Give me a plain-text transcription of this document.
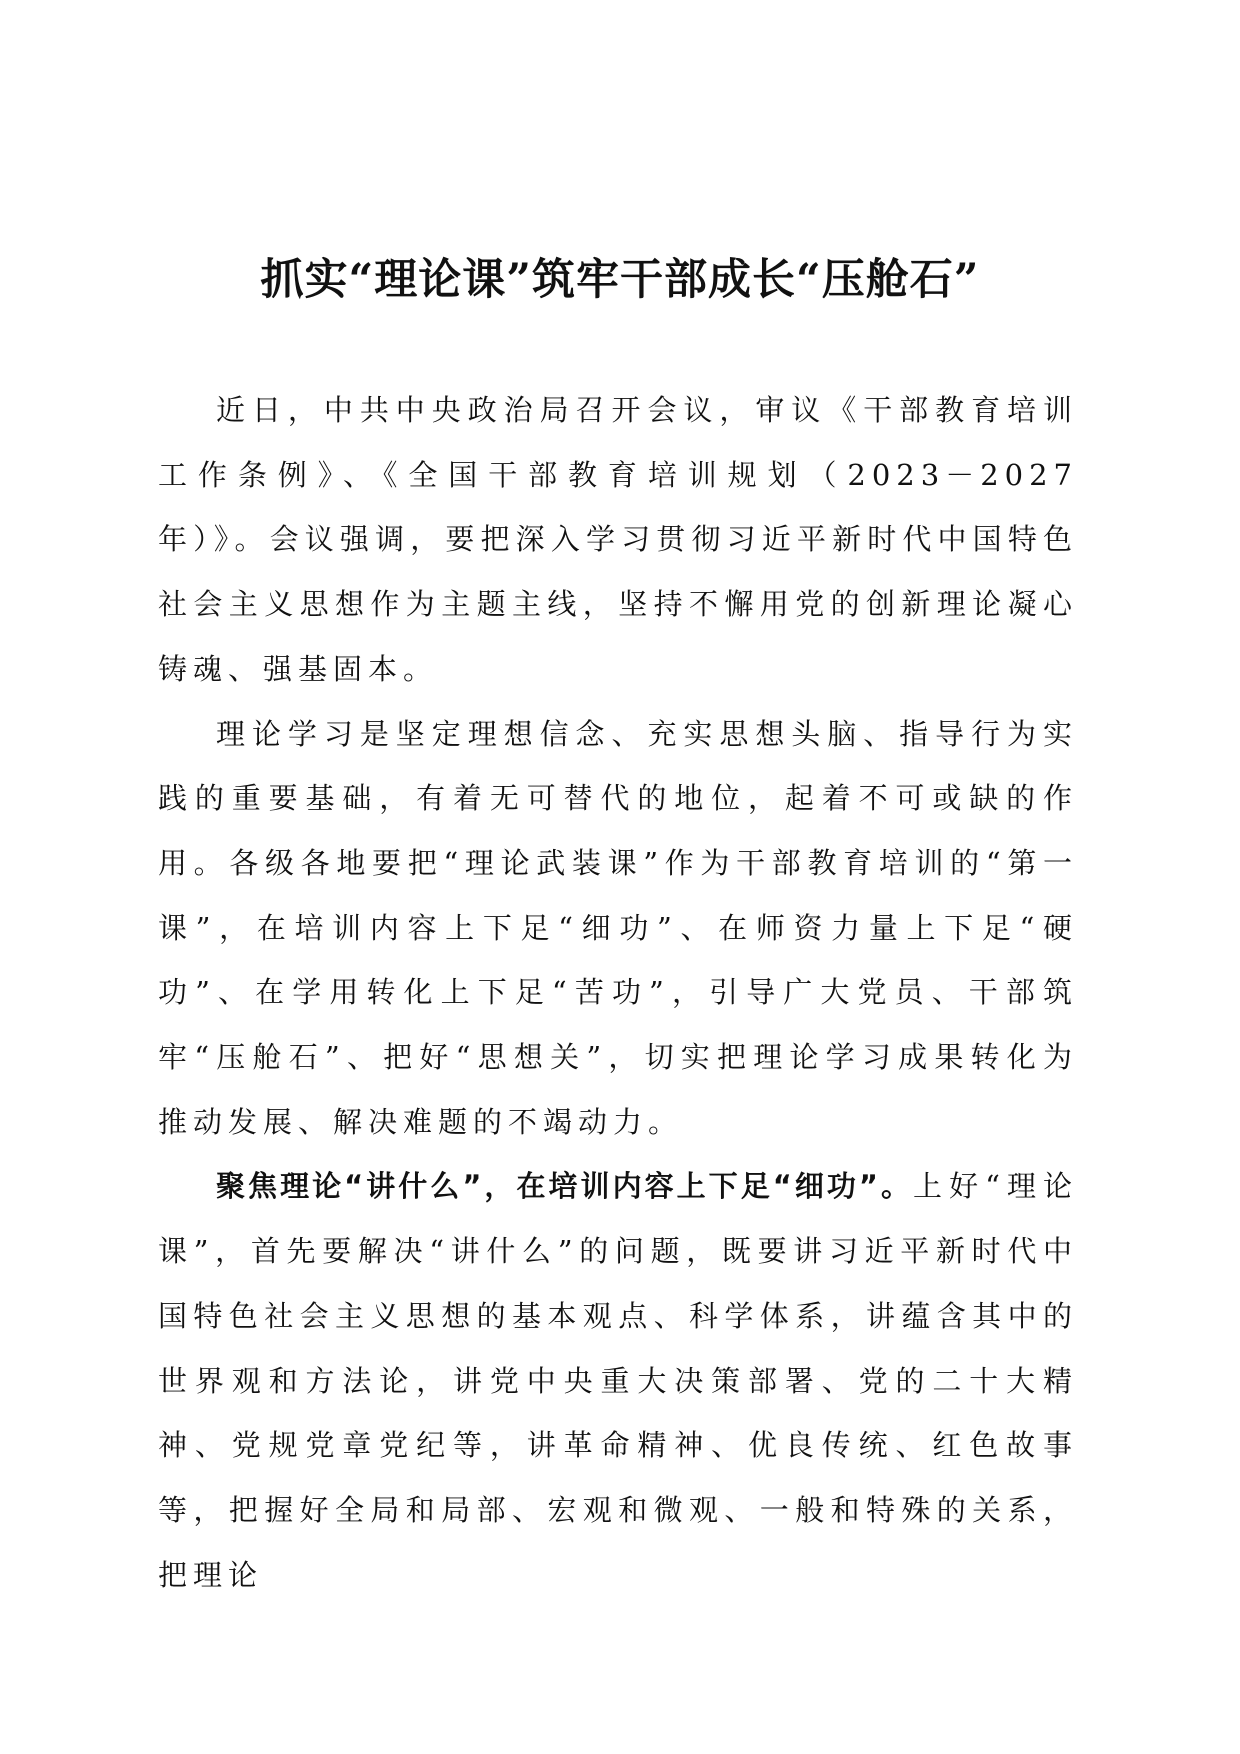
抓实“理论课”筑牢干部成长“压舱石”

近日，中共中央政治局召开会议，审议《干部教育培训工作条例》、《全国干部教育培训规划（2023－2027年）》。会议强调，要把深入学习贯彻习近平新时代中国特色社会主义思想作为主题主线，坚持不懈用党的创新理论凝心铸魂、强基固本。

理论学习是坚定理想信念、充实思想头脑、指导行为实践的重要基础，有着无可替代的地位，起着不可或缺的作用。各级各地要把“理论武装课”作为干部教育培训的“第一课”，在培训内容上下足“细功”、在师资力量上下足“硬功”、在学用转化上下足“苦功”，引导广大党员、干部筑牢“压舱石”、把好“思想关”，切实把理论学习成果转化为推动发展、解决难题的不竭动力。

聚焦理论“讲什么”，在培训内容上下足“细功”。上好“理论课”，首先要解决“讲什么”的问题，既要讲习近平新时代中国特色社会主义思想的基本观点、科学体系，讲蕴含其中的世界观和方法论，讲党中央重大决策部署、党的二十大精神、党规党章党纪等，讲革命精神、优良传统、红色故事等，把握好全局和局部、宏观和微观、一般和特殊的关系，把理论
